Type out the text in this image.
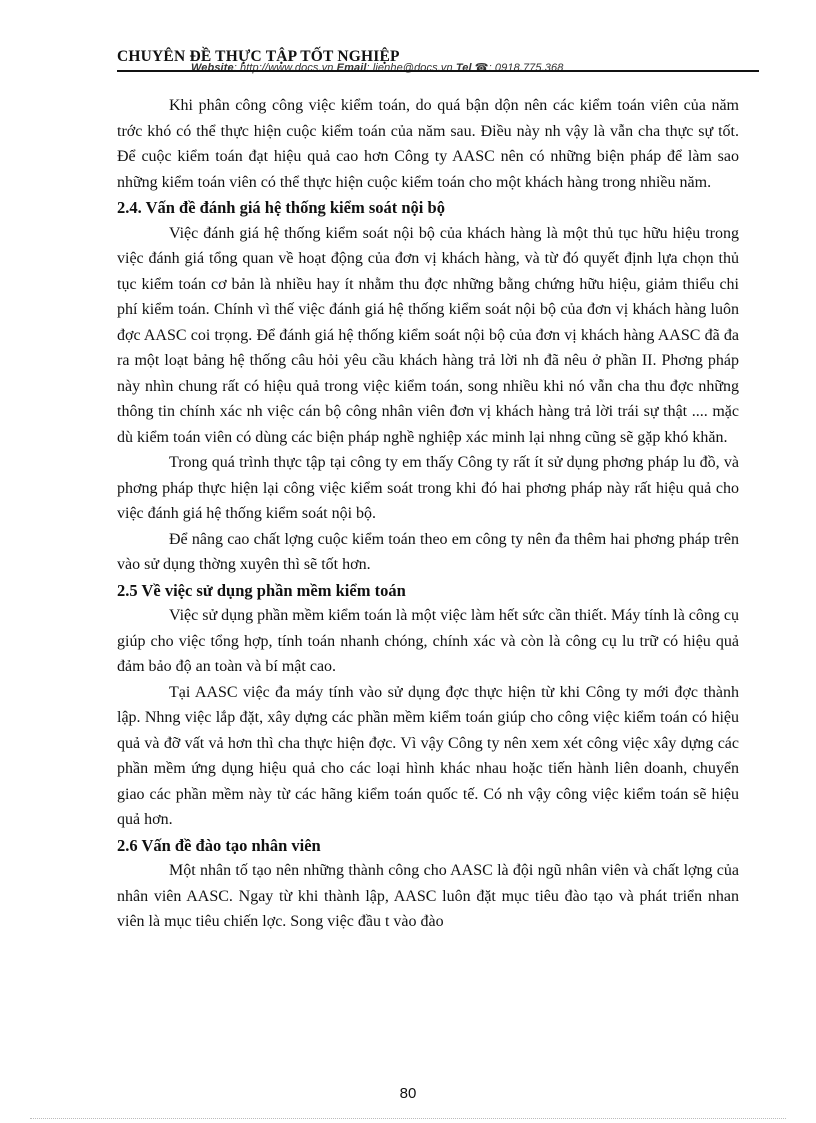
CHUYÊN ĐỀ THỰC TẬP TỐT NGHIỆP
Website: http://www.docs.vn Email: lienhe@docs.vn Tel ☎: 0918.775.368

Khi phân công công việc kiểm toán, do quá bận dộn nên các kiểm toán viên của năm trớc khó có thể thực hiện cuộc kiểm toán của năm sau. Điều này nh vậy là vẫn cha thực sự tốt. Để cuộc kiểm toán đạt hiệu quả cao hơn Công ty AASC nên có những biện pháp để làm sao những kiểm toán viên có thể thực hiện cuộc kiểm toán cho một khách hàng trong nhiều năm.

2.4. Vấn đề đánh giá hệ thống kiểm soát nội bộ

Việc đánh giá hệ thống kiểm soát nội bộ của khách hàng là một thủ tục hữu hiệu trong việc đánh giá tổng quan về hoạt động của đơn vị khách hàng, và từ đó quyết định lựa chọn thủ tục kiểm toán cơ bản là nhiều hay ít nhằm thu đợc những bằng chứng hữu hiệu, giảm thiểu chi phí kiểm toán. Chính vì thế việc đánh giá hệ thống kiểm soát nội bộ của đơn vị khách hàng luôn đợc AASC coi trọng. Để đánh giá hệ thống kiểm soát nội bộ của đơn vị khách hàng AASC đã đa ra một loạt bảng hệ thống câu hỏi yêu cầu khách hàng trả lời nh đã nêu ở phần II. Phơng pháp này nhìn chung rất có hiệu quả trong việc kiểm toán, song nhiều khi nó vẫn cha thu đợc những thông tin chính xác nh việc cán bộ công nhân viên đơn vị khách hàng trả lời trái sự thật .... mặc dù kiểm toán viên có dùng các biện pháp nghề nghiệp xác minh lại nhng cũng sẽ gặp khó khăn.

Trong quá trình thực tập tại công ty em thấy Công ty rất ít sử dụng phơng pháp lu đồ, và phơng pháp thực hiện lại công việc kiểm soát trong khi đó hai phơng pháp này rất hiệu quả cho việc đánh giá hệ thống kiểm soát nội bộ.

Để nâng cao chất lợng cuộc kiểm toán theo em công ty nên đa thêm hai phơng pháp trên vào sử dụng thờng xuyên thì sẽ tốt hơn.

2.5 Về việc sử dụng phần mềm kiểm toán

Việc sử dụng phần mềm kiểm toán là một việc làm hết sức cần thiết. Máy tính là công cụ giúp cho việc tổng hợp, tính toán nhanh chóng, chính xác và còn là công cụ lu trữ có hiệu quả đảm bảo độ an toàn và bí mật cao.

Tại AASC việc đa máy tính vào sử dụng đợc thực hiện từ khi Công ty mới đợc thành lập. Nhng việc lắp đặt, xây dựng các phần mềm kiểm toán giúp cho công việc kiểm toán có hiệu quả và đỡ vất vả hơn thì cha thực hiện đợc. Vì vậy Công ty nên xem xét công việc xây dựng các phần mềm ứng dụng hiệu quả cho các loại hình khác nhau hoặc tiến hành liên doanh, chuyển giao các phần mềm này từ các hãng kiểm toán quốc tế. Có nh vậy công việc kiểm toán sẽ hiệu quả hơn.

2.6 Vấn đề đào tạo nhân viên

Một nhân tố tạo nên những thành công cho AASC là đội ngũ nhân viên và chất lợng của nhân viên AASC. Ngay từ khi thành lập, AASC luôn đặt mục tiêu đào tạo và phát triển nhan viên là mục tiêu chiến lợc. Song việc đầu t vào đào

80
